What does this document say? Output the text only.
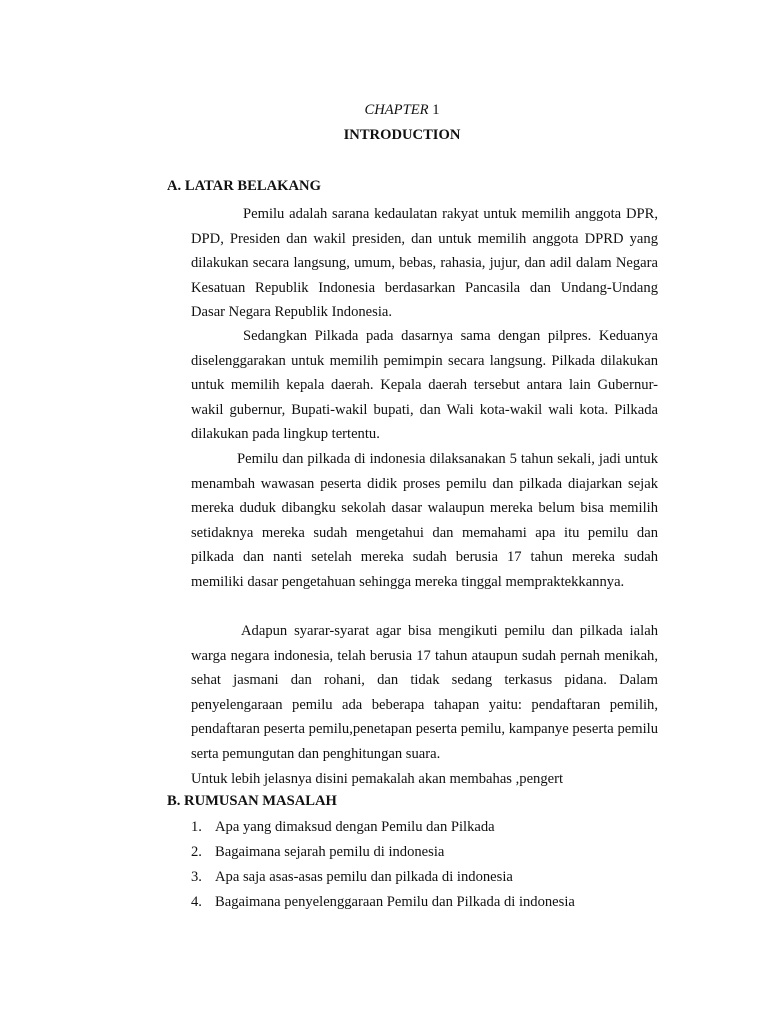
CHAPTER 1
INTRODUCTION
A. LATAR BELAKANG

Pemilu adalah sarana kedaulatan rakyat untuk memilih anggota DPR, DPD, Presiden dan wakil presiden, dan untuk memilih anggota DPRD yang dilakukan secara langsung, umum, bebas, rahasia, jujur, dan adil dalam Negara Kesatuan Republik Indonesia berdasarkan Pancasila dan Undang-Undang Dasar Negara Republik Indonesia.

Sedangkan Pilkada pada dasarnya sama dengan pilpres. Keduanya diselenggarakan untuk memilih pemimpin secara langsung. Pilkada dilakukan untuk memilih kepala daerah. Kepala daerah tersebut antara lain Gubernur-wakil gubernur, Bupati-wakil bupati, dan Wali kota-wakil wali kota. Pilkada dilakukan pada lingkup tertentu.

Pemilu dan pilkada di indonesia dilaksanakan 5 tahun sekali, jadi untuk menambah wawasan peserta didik proses pemilu dan pilkada diajarkan sejak mereka duduk dibangku sekolah dasar walaupun mereka belum bisa memilih setidaknya mereka sudah mengetahui dan memahami apa itu pemilu dan pilkada dan nanti setelah mereka sudah berusia 17 tahun mereka sudah memiliki dasar pengetahuan sehingga mereka tinggal mempraktekkannya.

Adapun syarar-syarat agar bisa mengikuti pemilu dan pilkada ialah warga negara indonesia, telah berusia 17 tahun ataupun sudah pernah menikah, sehat jasmani dan rohani, dan tidak sedang terkasus pidana. Dalam penyelengaraan pemilu ada beberapa tahapan yaitu: pendaftaran pemilih, pendaftaran peserta pemilu,penetapan peserta pemilu, kampanye peserta pemilu serta pemungutan dan penghitungan suara.

Untuk lebih jelasnya disini pemakalah akan membahas ,pengert

B. RUMUSAN MASALAH
1. Apa yang dimaksud dengan Pemilu dan Pilkada
2. Bagaimana sejarah pemilu di indonesia
3. Apa saja asas-asas pemilu dan pilkada di indonesia
4. Bagaimana penyelenggaraan Pemilu dan Pilkada di indonesia
